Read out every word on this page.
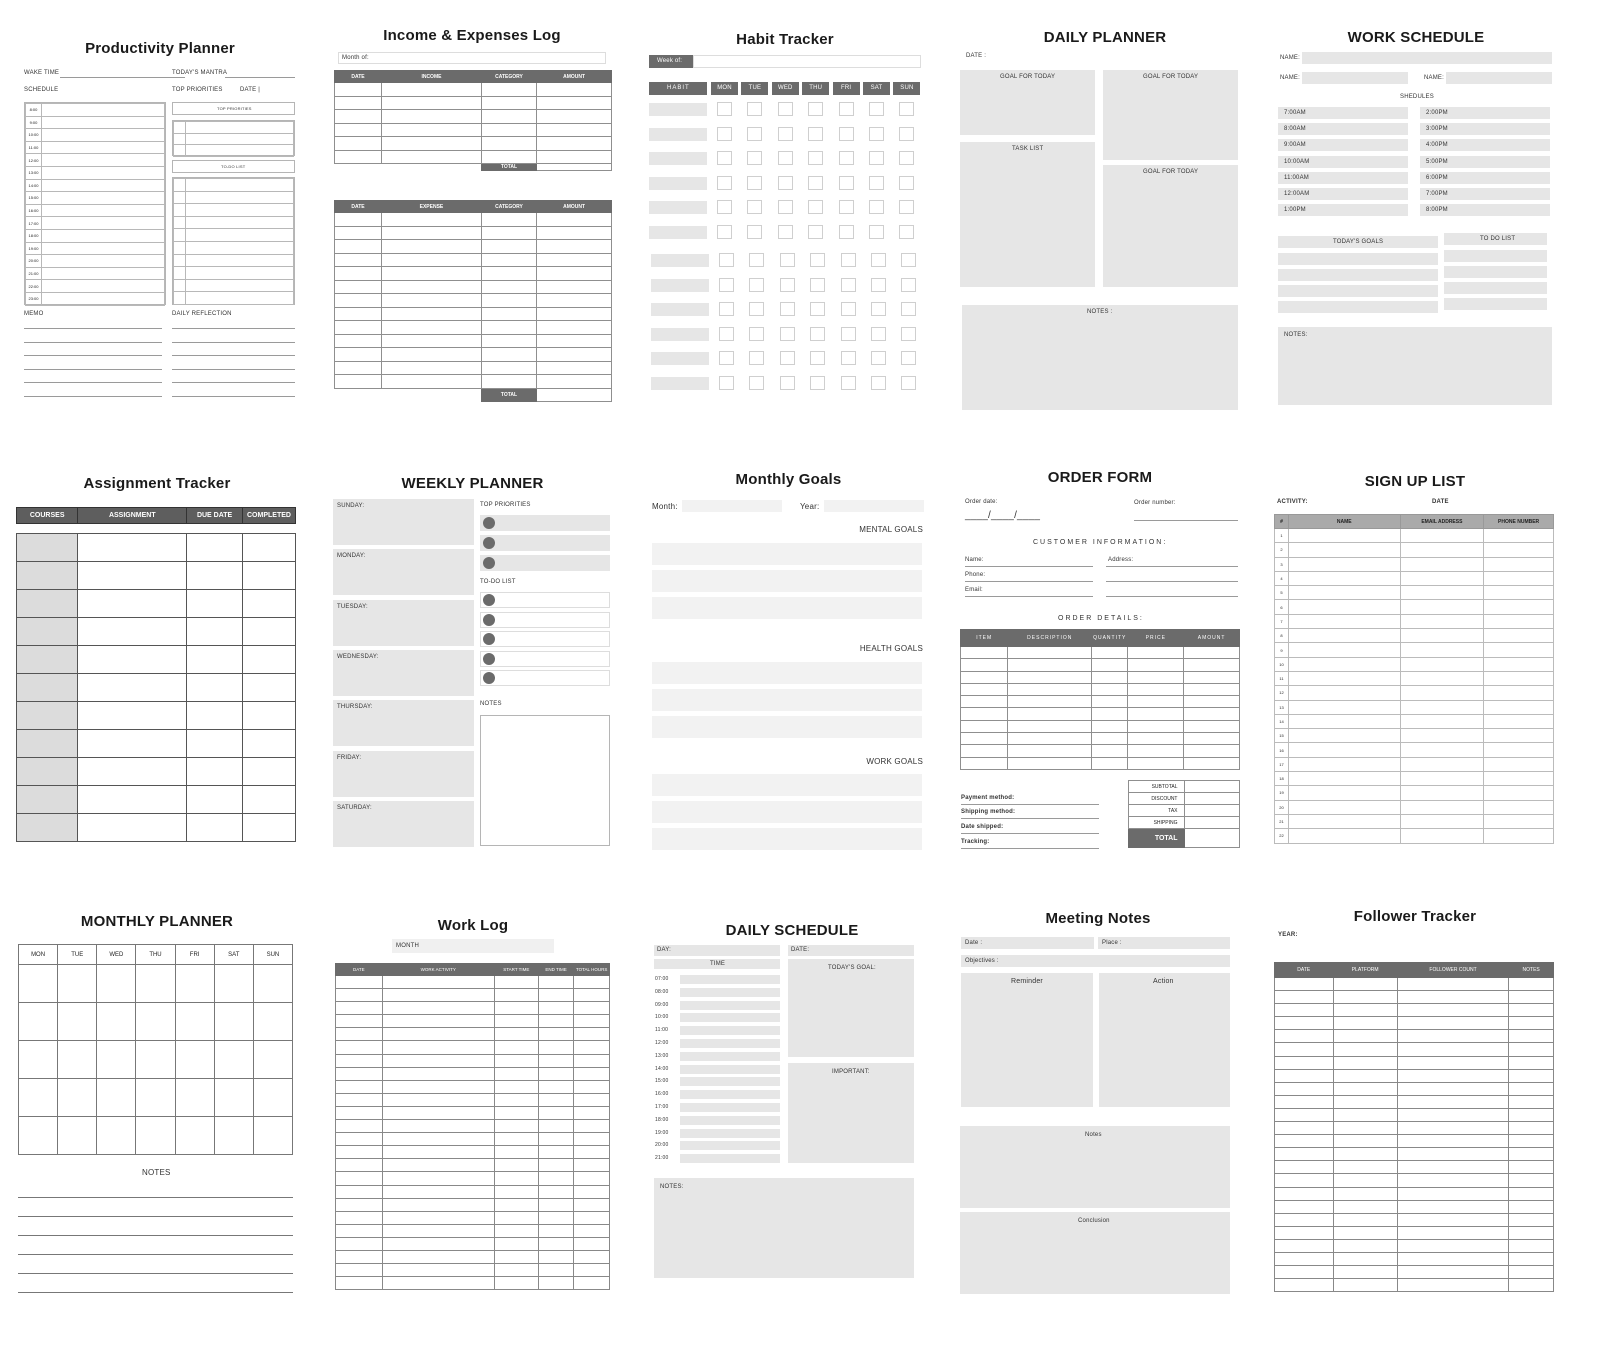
Productivity Planner
WAKE TIME	TODAY'S MANTRA
SCHEDULE	TOP PRIORITIES	DATE |
8:00	
9:00	
10:00	
11:00	
12:00	
13:00	
14:00	
15:00	
16:00	
17:00	
18:00	
19:00	
20:00	
21:00	
22:00	
23:00	
TOP PRIORITIES

TO-DO LIST

MEMO	DAILY REFLECTION
Income & Expenses Log
Month of:
DATE	INCOME	CATEGORY	AMOUNT

		TOTAL	
DATE	EXPENSE	CATEGORY	AMOUNT

		TOTAL	
Habit Tracker
Week of:
HABIT	MON	TUE	WED	THU	FRI	SAT	SUN
DAILY PLANNER
DATE :
GOAL FOR TODAY	GOAL FOR TODAY
TASK LIST
GOAL FOR TODAY
NOTES :
WORK SCHEDULE
NAME:
NAME:	NAME:
SHEDULES
7:00AM	2:00PM
8:00AM	3:00PM
9:00AM	4:00PM
10:00AM	5:00PM
11:00AM	6:00PM
12:00AM	7:00PM
1:00PM	8:00PM
TODAY'S GOALS	TO DO LIST
NOTES:
Assignment Tracker
COURSES	ASSIGNMENT	DUE DATE	COMPLETED

WEEKLY PLANNER
SUNDAY:
MONDAY:
TUESDAY:
WEDNESDAY:
THURSDAY:
FRIDAY:
SATURDAY:
TOP PRIORITIES
TO-DO LIST
NOTES
Monthly Goals
Month:	Year:
MENTAL GOALS
HEALTH GOALS
WORK GOALS
ORDER FORM
Order date:
____/____/____
Order number:
CUSTOMER INFORMATION:
Name:
Phone:
Email:
Address:
ORDER DETAILS:
ITEM	DESCRIPTION	QUANTITY	PRICE	AMOUNT

Payment method:
Shipping method:
Date shipped:
Tracking:
SUBTOTAL	
DISCOUNT	
TAX	
SHIPPING	
TOTAL	
SIGN UP LIST
ACTIVITY:	DATE
#	NAME	EMAIL ADDRESS	PHONE NUMBER
1			
2			
3			
4			
5			
6			
7			
8			
9			
10			
11			
12			
13			
14			
15			
16			
17			
18			
19			
20			
21			
22			
MONTHLY PLANNER
MON	TUE	WED	THU	FRI	SAT	SUN

NOTES
Work Log
MONTH
DATE	WORK ACTIVITY	START TIME	END TIME	TOTAL HOURS

DAILY SCHEDULE
DAY:	DATE:
TIME
07:00
08:00
09:00
10:00
11:00
12:00
13:00
14:00
15:00
16:00
17:00
18:00
19:00
20:00
21:00
TODAY'S GOAL:
IMPORTANT:
NOTES:
Meeting Notes
Date :	Place :
Objectives :
Reminder	Action
Notes
Conclusion
Follower Tracker
YEAR:
DATE	PLATFORM	FOLLOWER COUNT	NOTES
